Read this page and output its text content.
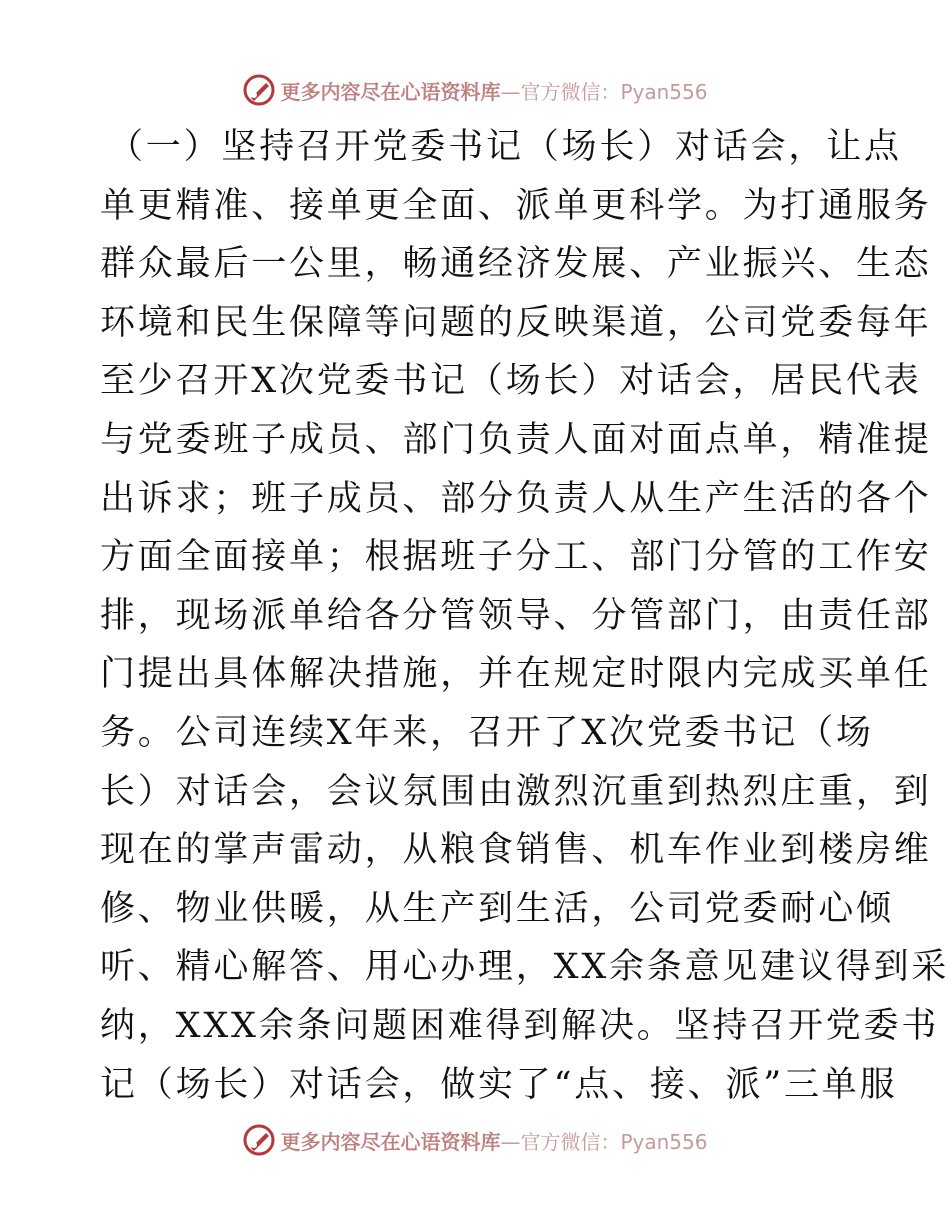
更多内容尽在心语资料库—官方微信：Pyan556
（一）坚持召开党委书记（场长）对话会，让点
单更精准、接单更全面、派单更科学。为打通服务
群众最后一公里，畅通经济发展、产业振兴、生态
环境和民生保障等问题的反映渠道，公司党委每年
至少召开X次党委书记（场长）对话会，居民代表
与党委班子成员、部门负责人面对面点单，精准提
出诉求；班子成员、部分负责人从生产生活的各个
方面全面接单；根据班子分工、部门分管的工作安
排，现场派单给各分管领导、分管部门，由责任部
门提出具体解决措施，并在规定时限内完成买单任
务。公司连续X年来，召开了X次党委书记（场
长）对话会，会议氛围由激烈沉重到热烈庄重，到
现在的掌声雷动，从粮食销售、机车作业到楼房维
修、物业供暖，从生产到生活，公司党委耐心倾
听、精心解答、用心办理，XX余条意见建议得到采
纳，XXX余条问题困难得到解决。坚持召开党委书
记（场长）对话会，做实了“点、接、派”三单服
更多内容尽在心语资料库—官方微信：Pyan556
